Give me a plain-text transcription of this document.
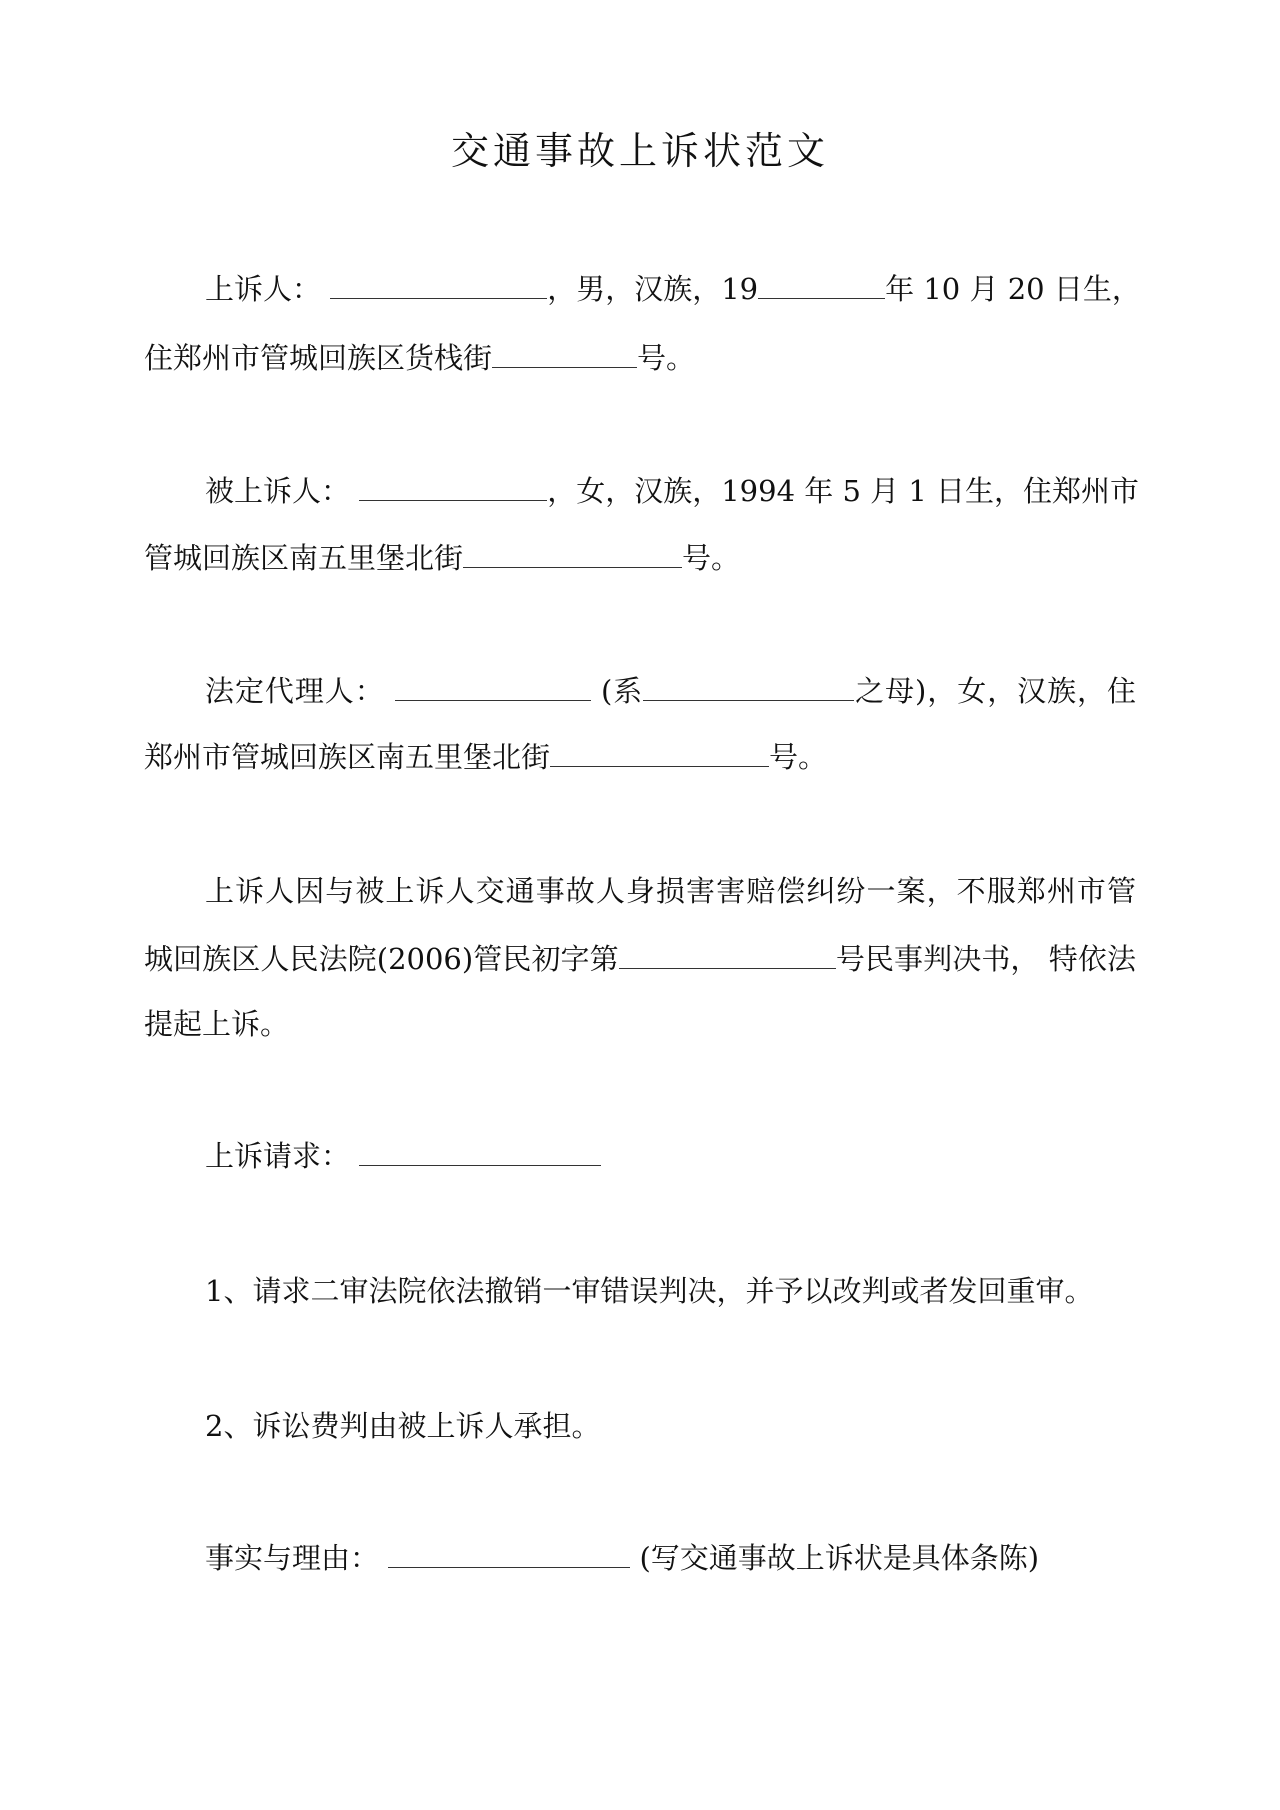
交通事故上诉状范文
上诉人：	，男，汉族，19	年 10 月 20 日生，
住郑州市管城回族区货栈街	号。
被上诉人：	，女，汉族，1994 年 5 月 1 日生，住郑州市
管城回族区南五里堡北街	号。
法定代理人：	(系	之母)，女，汉族，住
郑州市管城回族区南五里堡北街	号。
上诉人因与被上诉人交通事故人身损害害赔偿纠纷一案，不服郑州市管
城回族区人民法院(2006)管民初字第	号民事判决书， 特依法
提起上诉。
上诉请求：
1、请求二审法院依法撤销一审错误判决，并予以改判或者发回重审。
2、诉讼费判由被上诉人承担。
事实与理由：	(写交通事故上诉状是具体条陈)
